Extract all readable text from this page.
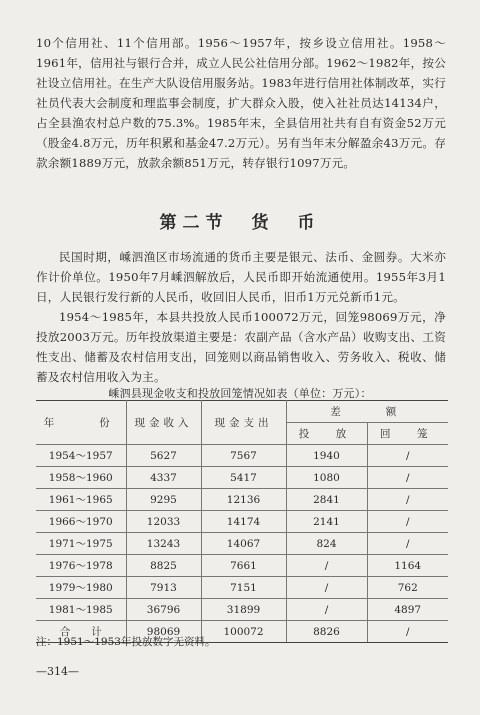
10个信用社、11个信用部。1956～1957年，按乡设立信用社。1958～1961年，信用社与银行合并，成立人民公社信用分部。1962～1982年，按公社设立信用社。在生产大队设信用服务站。1983年进行信用社体制改革，实行社员代表大会制度和理监事会制度，扩大群众入股，使入社社员达14134户，占全县渔农村总户数的75.3%。1985年末，全县信用社共有自有资金52万元（股金4.8万元，历年积累和基金47.2万元）。另有当年末分解盈余43万元。存款余额1889万元，放款余额851万元，转存银行1097万元。

第二节　货　币

民国时期，嵊泗渔区市场流通的货币主要是银元、法币、金圆券。大米亦作计价单位。1950年7月嵊泗解放后，人民币即开始流通使用。1955年3月1日，人民银行发行新的人民币，收回旧人民币，旧币1万元兑新币1元。

1954～1985年，本县共投放人民币100072万元，回笼98069万元，净投放2003万元。历年投放渠道主要是：农副产品（含水产品）收购支出、工资性支出、储蓄及农村信用支出，回笼则以商品销售收入、劳务收入、税收、储蓄及农村信用收入为主。

嵊泗县现金收支和投放回笼情况如表（单位：万元）：
年　　份	现金收入	现金支出	差　　额	
			投　放	回　笼
1954～1957	5627	7567	1940	/
1958～1960	4337	5417	1080	/
1961～1965	9295	12136	2841	/
1966～1970	12033	14174	2141	/
1971～1975	13243	14067	824	/
1976～1978	8825	7661	/	1164
1979～1980	7913	7151	/	762
1981～1985	36796	31899	/	4897
合　　计	98069	100072	8826	/
注：1951～1953年投放数字无资料。
—314—
